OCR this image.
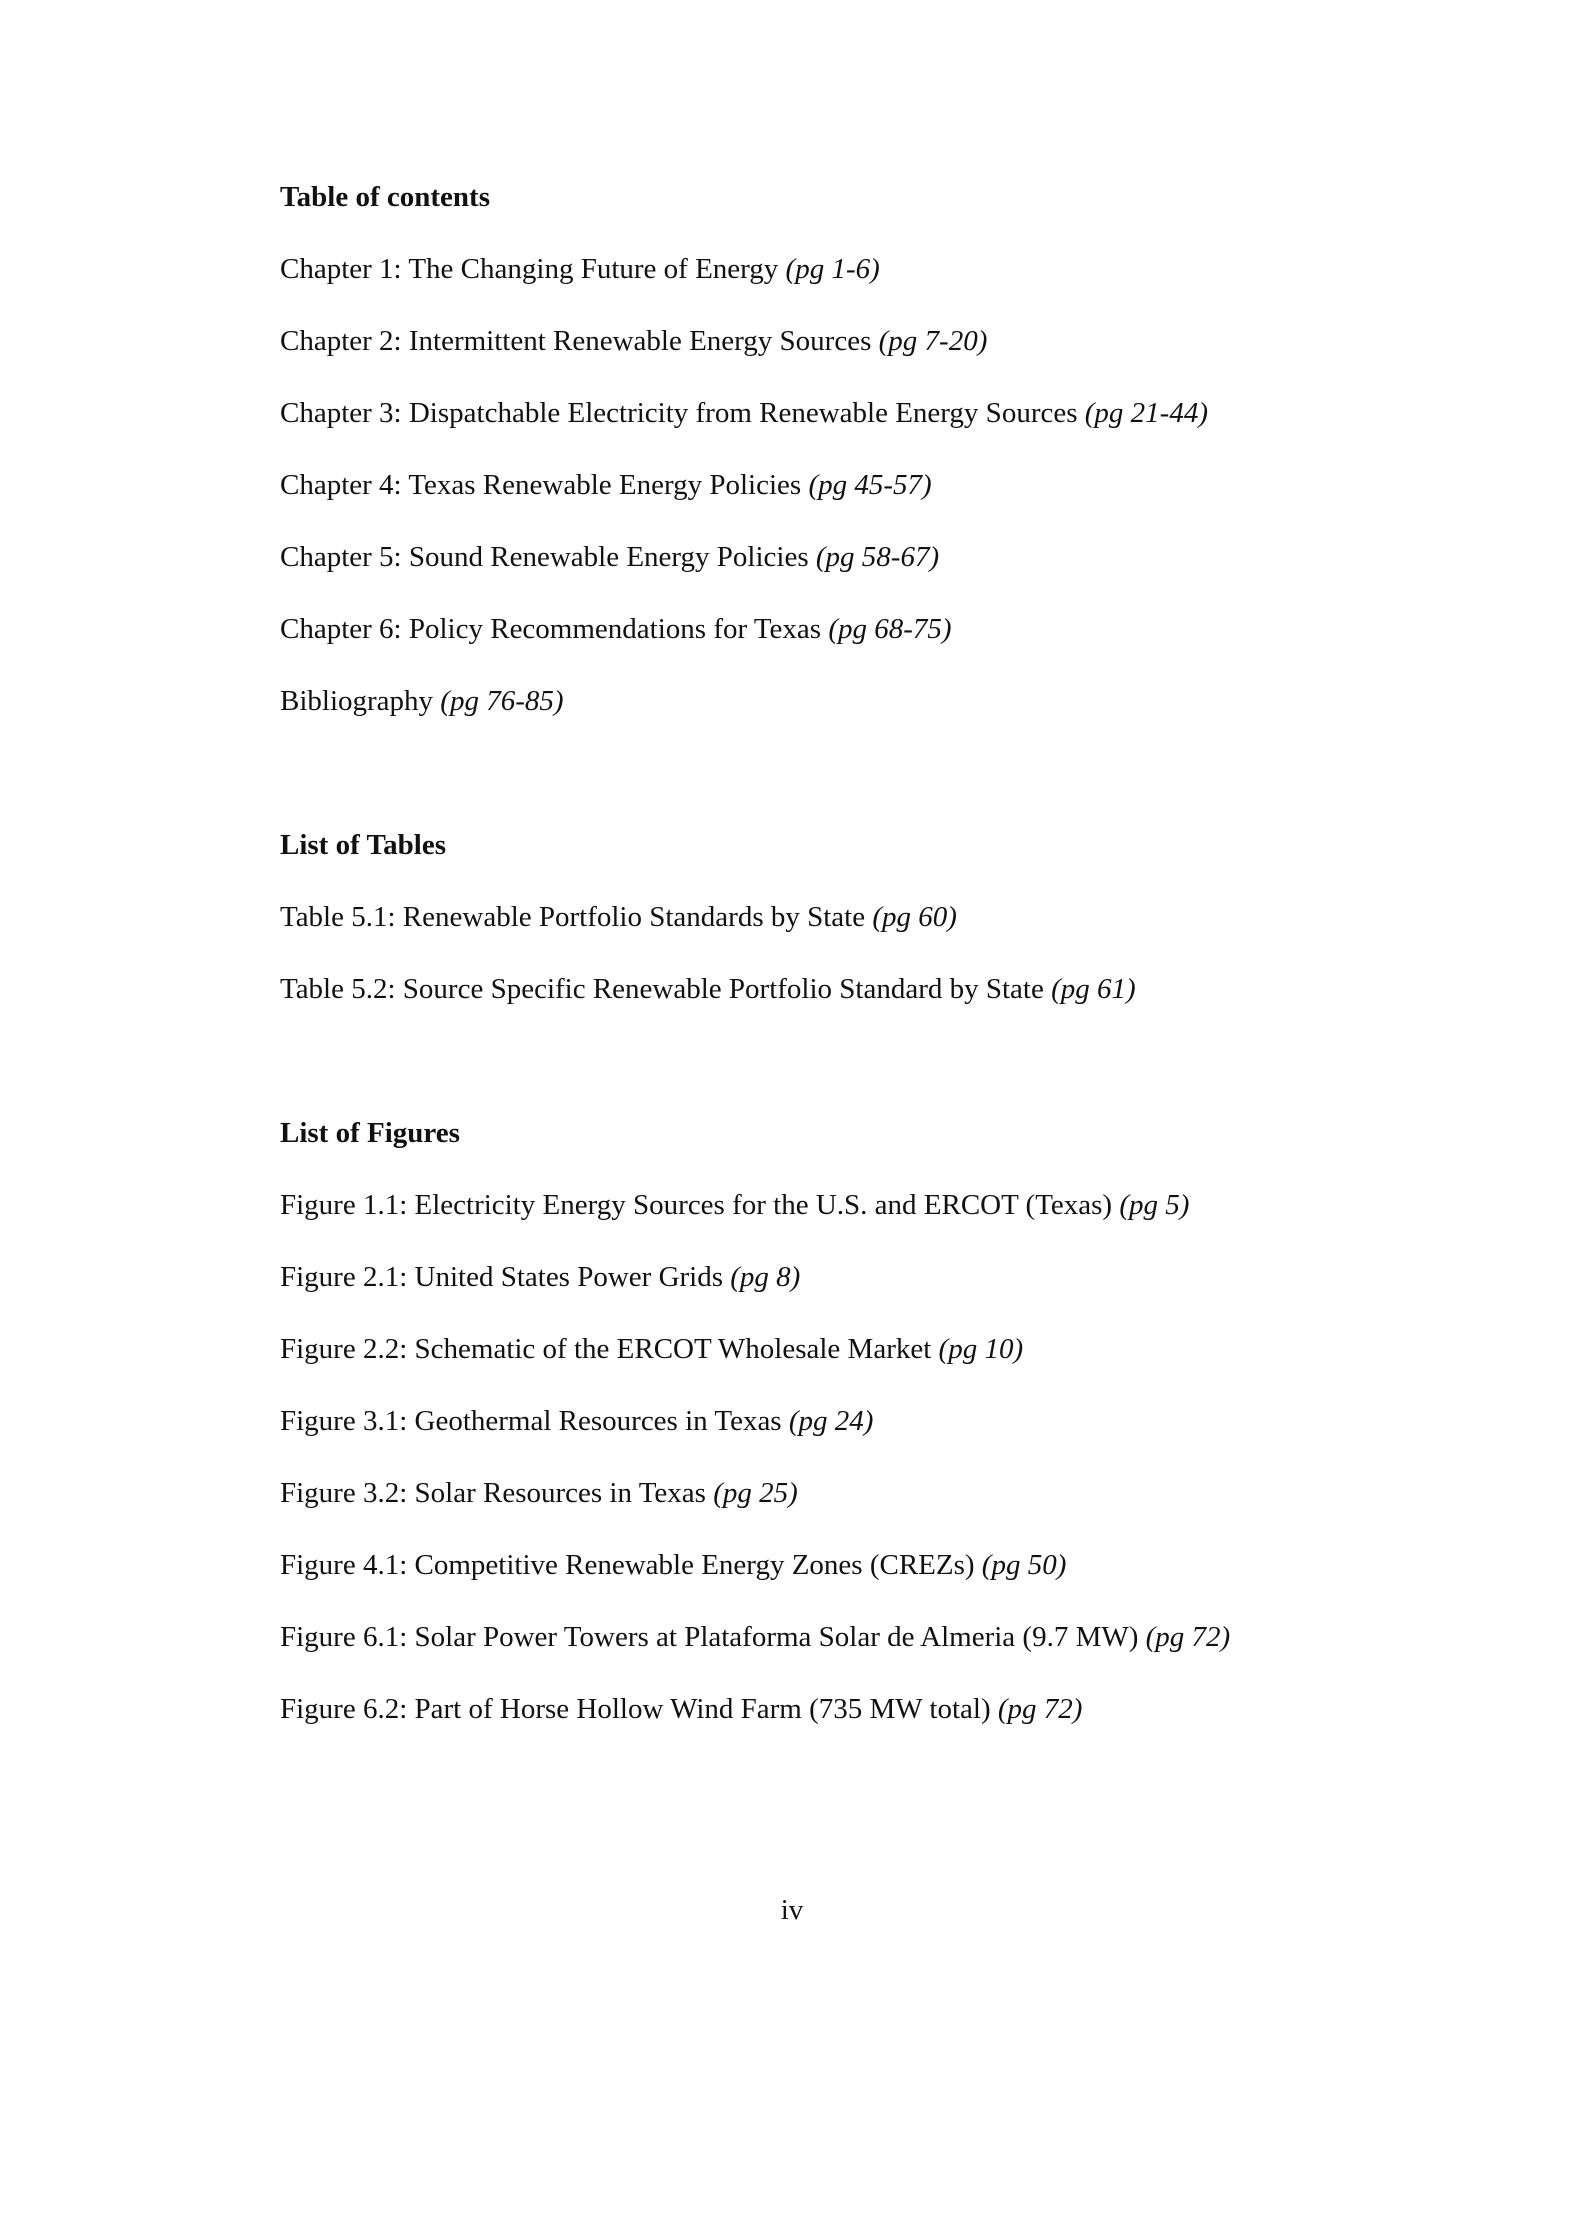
Table of contents
Chapter 1: The Changing Future of Energy (pg 1-6)
Chapter 2: Intermittent Renewable Energy Sources (pg 7-20)
Chapter 3: Dispatchable Electricity from Renewable Energy Sources (pg 21-44)
Chapter 4: Texas Renewable Energy Policies (pg 45-57)
Chapter 5: Sound Renewable Energy Policies (pg 58-67)
Chapter 6: Policy Recommendations for Texas (pg 68-75)
Bibliography (pg 76-85)
List of Tables
Table 5.1: Renewable Portfolio Standards by State (pg 60)
Table 5.2: Source Specific Renewable Portfolio Standard by State (pg 61)
List of Figures
Figure 1.1: Electricity Energy Sources for the U.S. and ERCOT (Texas) (pg 5)
Figure 2.1: United States Power Grids (pg 8)
Figure 2.2: Schematic of the ERCOT Wholesale Market (pg 10)
Figure 3.1: Geothermal Resources in Texas (pg 24)
Figure 3.2: Solar Resources in Texas (pg 25)
Figure 4.1: Competitive Renewable Energy Zones (CREZs) (pg 50)
Figure 6.1: Solar Power Towers at Plataforma Solar de Almeria (9.7 MW) (pg 72)
Figure 6.2: Part of Horse Hollow Wind Farm (735 MW total) (pg 72)
iv
